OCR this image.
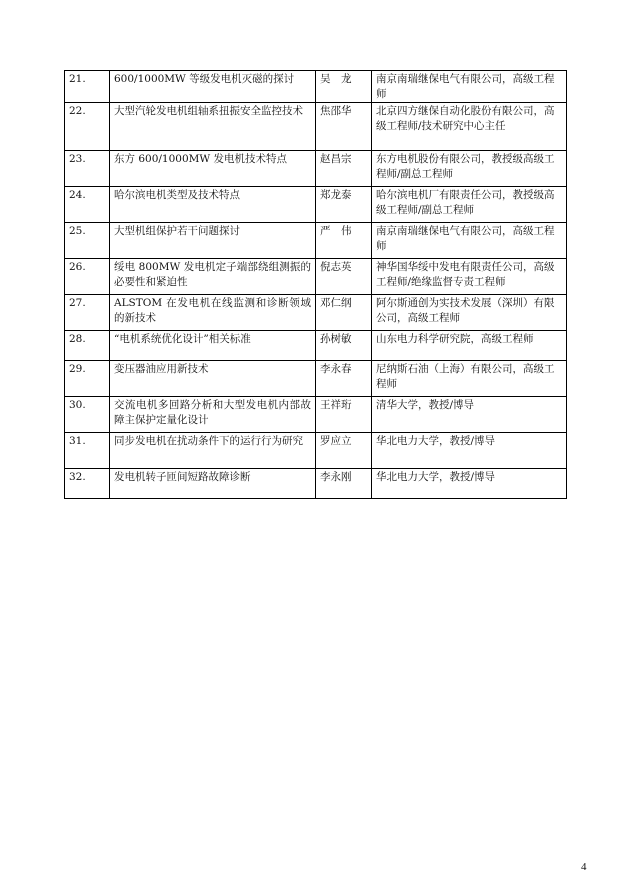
21.	600/1000MW 等级发电机灭磁的探讨	吴　龙	南京南瑞继保电气有限公司，高级工程师
22.	大型汽轮发电机组轴系扭振安全监控技术	焦邵华	北京四方继保自动化股份有限公司，高级工程师/技术研究中心主任
23.	东方 600/1000MW 发电机技术特点	赵昌宗	东方电机股份有限公司，教授级高级工程师/副总工程师
24.	哈尔滨电机类型及技术特点	郑龙泰	哈尔滨电机厂有限责任公司，教授级高级工程师/副总工程师
25.	大型机组保护若干问题探讨	严　伟	南京南瑞继保电气有限公司，高级工程师
26.	绥电 800MW 发电机定子端部绕组测振的必要性和紧迫性	倪志英	神华国华绥中发电有限责任公司，高级工程师/绝缘监督专责工程师
27.	ALSTOM 在发电机在线监测和诊断领域的新技术	邓仁纲	阿尔斯通创为实技术发展（深圳）有限公司，高级工程师
28.	“电机系统优化设计”相关标准	孙树敏	山东电力科学研究院，高级工程师
29.	变压器油应用新技术	李永春	尼纳斯石油（上海）有限公司，高级工程师
30.	交流电机多回路分析和大型发电机内部故障主保护定量化设计	王祥珩	清华大学，教授/博导
31.	同步发电机在扰动条件下的运行行为研究	罗应立	华北电力大学，教授/博导
32.	发电机转子匝间短路故障诊断	李永刚	华北电力大学，教授/博导
4
